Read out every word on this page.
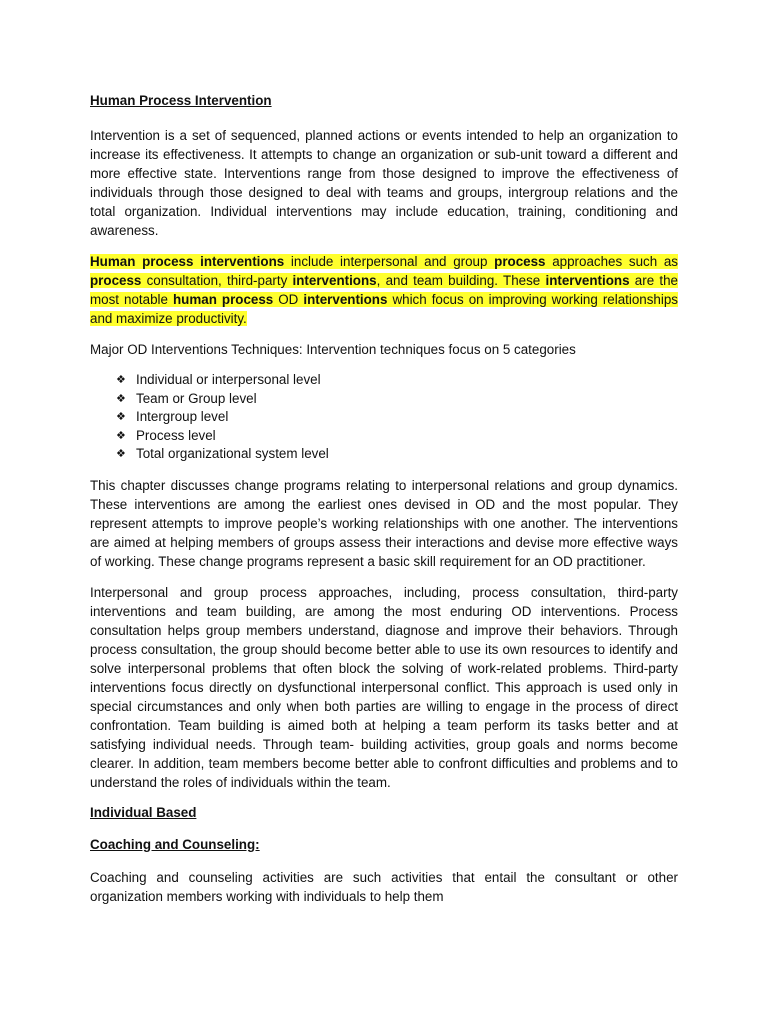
Human Process Intervention

Intervention is a set of sequenced, planned actions or events intended to help an organization to increase its effectiveness. It attempts to change an organization or sub-unit toward a different and more effective state. Interventions range from those designed to improve the effectiveness of individuals through those designed to deal with teams and groups, intergroup relations and the total organization. Individual interventions may include education, training, conditioning and awareness.

Human process interventions include interpersonal and group process approaches such as process consultation, third-party interventions, and team building. These interventions are the most notable human process OD interventions which focus on improving working relationships and maximize productivity.

Major OD Interventions Techniques: Intervention techniques focus on 5 categories

❖ Individual or interpersonal level
❖ Team or Group level
❖ Intergroup level
❖ Process level
❖ Total organizational system level

This chapter discusses change programs relating to interpersonal relations and group dynamics. These interventions are among the earliest ones devised in OD and the most popular. They represent attempts to improve people’s working relationships with one another. The interventions are aimed at helping members of groups assess their interactions and devise more effective ways of working. These change programs represent a basic skill requirement for an OD practitioner.

Interpersonal and group process approaches, including, process consultation, third-party interventions and team building, are among the most enduring OD interventions. Process consultation helps group members understand, diagnose and improve their behaviors. Through process consultation, the group should become better able to use its own resources to identify and solve interpersonal problems that often block the solving of work-related problems. Third-party interventions focus directly on dysfunctional interpersonal conflict. This approach is used only in special circumstances and only when both parties are willing to engage in the process of direct confrontation. Team building is aimed both at helping a team perform its tasks better and at satisfying individual needs. Through team- building activities, group goals and norms become clearer. In addition, team members become better able to confront difficulties and problems and to understand the roles of individuals within the team.

Individual Based
Coaching and Counseling:

Coaching and counseling activities are such activities that entail the consultant or other organization members working with individuals to help them
